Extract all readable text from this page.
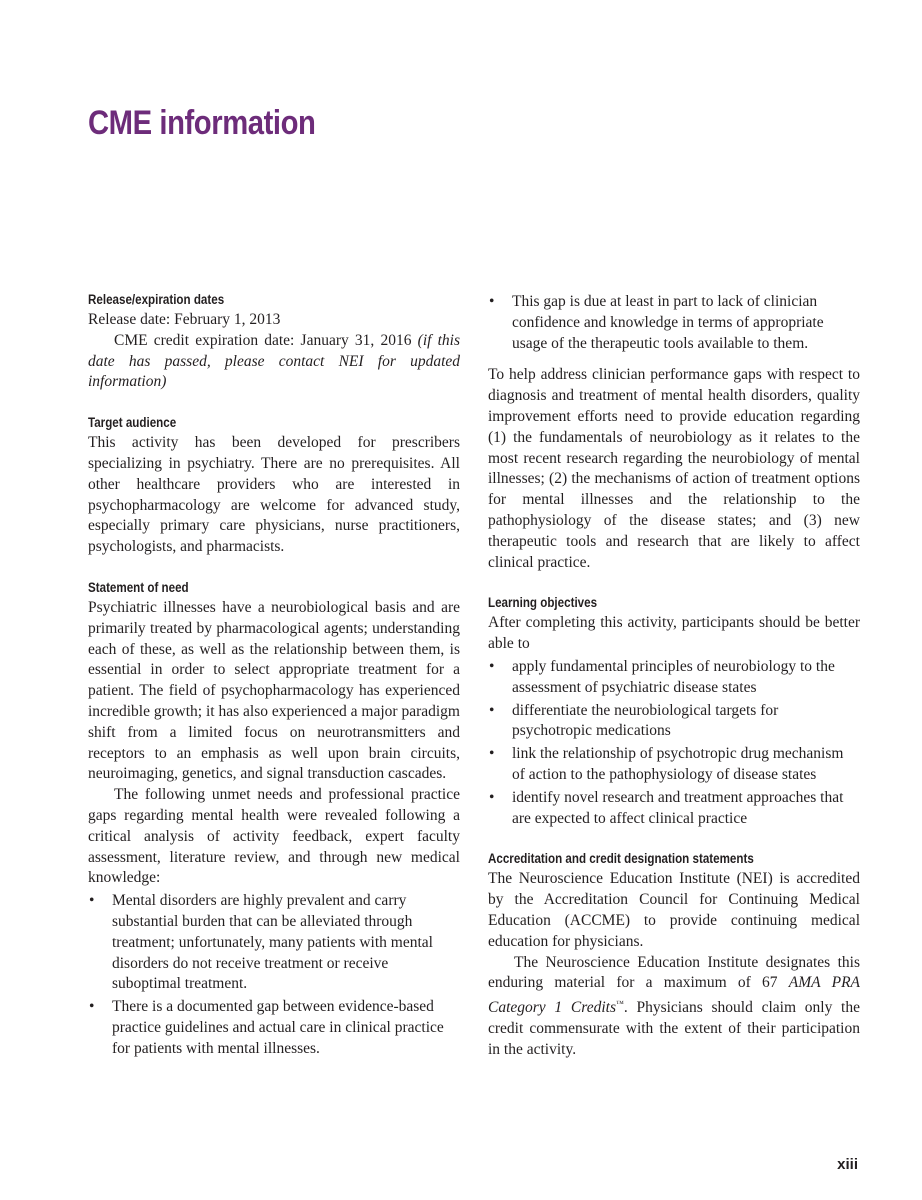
CME information
Release/expiration dates

Release date: February 1, 2013

CME credit expiration date: January 31, 2016 (if this date has passed, please contact NEI for updated information)

Target audience

This activity has been developed for prescribers specializing in psychiatry. There are no prerequisites. All other healthcare providers who are interested in psychopharmacology are welcome for advanced study, especially primary care physicians, nurse practitioners, psychologists, and pharmacists.

Statement of need

Psychiatric illnesses have a neurobiological basis and are primarily treated by pharmacological agents; understanding each of these, as well as the relationship between them, is essential in order to select appropriate treatment for a patient. The field of psychopharmacology has experienced incredible growth; it has also experienced a major paradigm shift from a limited focus on neurotransmitters and receptors to an emphasis as well upon brain circuits, neuroimaging, genetics, and signal transduction cascades.

The following unmet needs and professional practice gaps regarding mental health were revealed following a critical analysis of activity feedback, expert faculty assessment, literature review, and through new medical knowledge:

• Mental disorders are highly prevalent and carry substantial burden that can be alleviated through treatment; unfortunately, many patients with mental disorders do not receive treatment or receive suboptimal treatment.
• There is a documented gap between evidence-based practice guidelines and actual care in clinical practice for patients with mental illnesses.
• This gap is due at least in part to lack of clinician confidence and knowledge in terms of appropriate usage of the therapeutic tools available to them.

To help address clinician performance gaps with respect to diagnosis and treatment of mental health disorders, quality improvement efforts need to provide education regarding (1) the fundamentals of neurobiology as it relates to the most recent research regarding the neurobiology of mental illnesses; (2) the mechanisms of action of treatment options for mental illnesses and the relationship to the pathophysiology of the disease states; and (3) new therapeutic tools and research that are likely to affect clinical practice.

Learning objectives

After completing this activity, participants should be better able to

• apply fundamental principles of neurobiology to the assessment of psychiatric disease states
• differentiate the neurobiological targets for psychotropic medications
• link the relationship of psychotropic drug mechanism of action to the pathophysiology of disease states
• identify novel research and treatment approaches that are expected to affect clinical practice
Accreditation and credit designation statements

The Neuroscience Education Institute (NEI) is accredited by the Accreditation Council for Continuing Medical Education (ACCME) to provide continuing medical education for physicians.

The Neuroscience Education Institute designates this enduring material for a maximum of 67 AMA PRA Category 1 Credits™. Physicians should claim only the credit commensurate with the extent of their participation in the activity.

xiii
